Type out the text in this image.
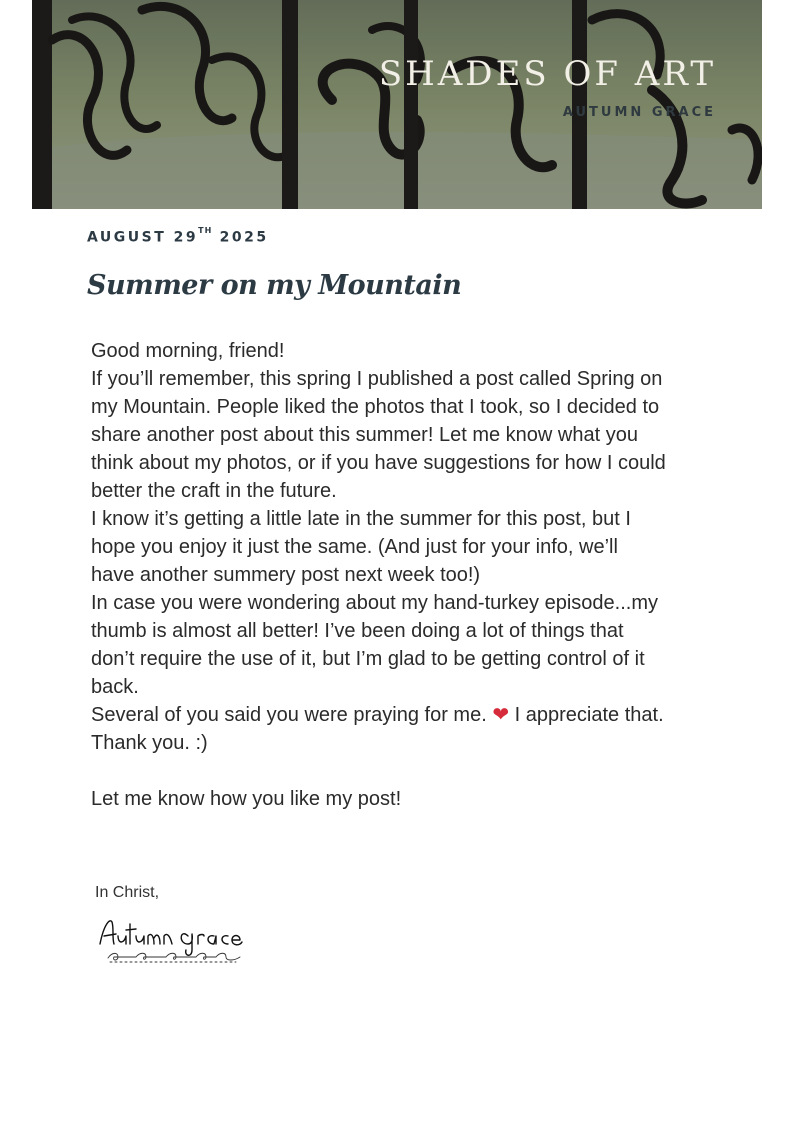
SHADES OF ART
AUTUMN GRACE
AUGUST 29TH 2025
Summer on my Mountain

Good morning, friend!

If you’ll remember, this spring I published a post called Spring on my Mountain. People liked the photos that I took, so I decided to share another post about this summer! Let me know what you think about my photos, or if you have suggestions for how I could better the craft in the future.

I know it’s getting a little late in the summer for this post, but I hope you enjoy it just the same. (And just for your info, we’ll have another summery post next week too!)

In case you were wondering about my hand-turkey episode...my thumb is almost all better! I’ve been doing a lot of things that don’t require the use of it, but I’m glad to be getting control of it back.

Several of you said you were praying for me. ❤ I appreciate that. Thank you. :)

Let me know how you like my post!

In Christ,
